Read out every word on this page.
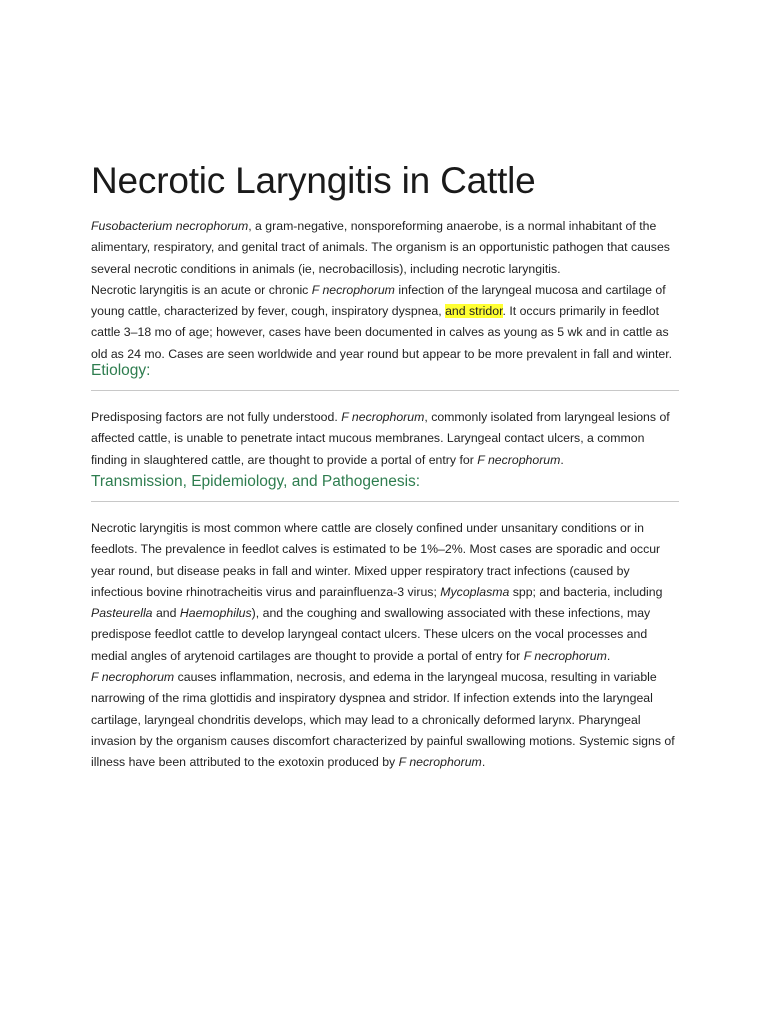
Necrotic Laryngitis in Cattle

Fusobacterium necrophorum, a gram-negative, nonsporeforming anaerobe, is a normal inhabitant of the alimentary, respiratory, and genital tract of animals. The organism is an opportunistic pathogen that causes several necrotic conditions in animals (ie, necrobacillosis), including necrotic laryngitis.

Necrotic laryngitis is an acute or chronic F necrophorum infection of the laryngeal mucosa and cartilage of young cattle, characterized by fever, cough, inspiratory dyspnea, and stridor. It occurs primarily in feedlot cattle 3–18 mo of age; however, cases have been documented in calves as young as 5 wk and in cattle as old as 24 mo. Cases are seen worldwide and year round but appear to be more prevalent in fall and winter.

Etiology:

Predisposing factors are not fully understood. F necrophorum, commonly isolated from laryngeal lesions of affected cattle, is unable to penetrate intact mucous membranes. Laryngeal contact ulcers, a common finding in slaughtered cattle, are thought to provide a portal of entry for F necrophorum.

Transmission, Epidemiology, and Pathogenesis:

Necrotic laryngitis is most common where cattle are closely confined under unsanitary conditions or in feedlots. The prevalence in feedlot calves is estimated to be 1%–2%. Most cases are sporadic and occur year round, but disease peaks in fall and winter. Mixed upper respiratory tract infections (caused by infectious bovine rhinotracheitis virus and parainfluenza-3 virus; Mycoplasma spp; and bacteria, including Pasteurella and Haemophilus), and the coughing and swallowing associated with these infections, may predispose feedlot cattle to develop laryngeal contact ulcers. These ulcers on the vocal processes and medial angles of arytenoid cartilages are thought to provide a portal of entry for F necrophorum.

F necrophorum causes inflammation, necrosis, and edema in the laryngeal mucosa, resulting in variable narrowing of the rima glottidis and inspiratory dyspnea and stridor. If infection extends into the laryngeal cartilage, laryngeal chondritis develops, which may lead to a chronically deformed larynx. Pharyngeal invasion by the organism causes discomfort characterized by painful swallowing motions. Systemic signs of illness have been attributed to the exotoxin produced by F necrophorum.
